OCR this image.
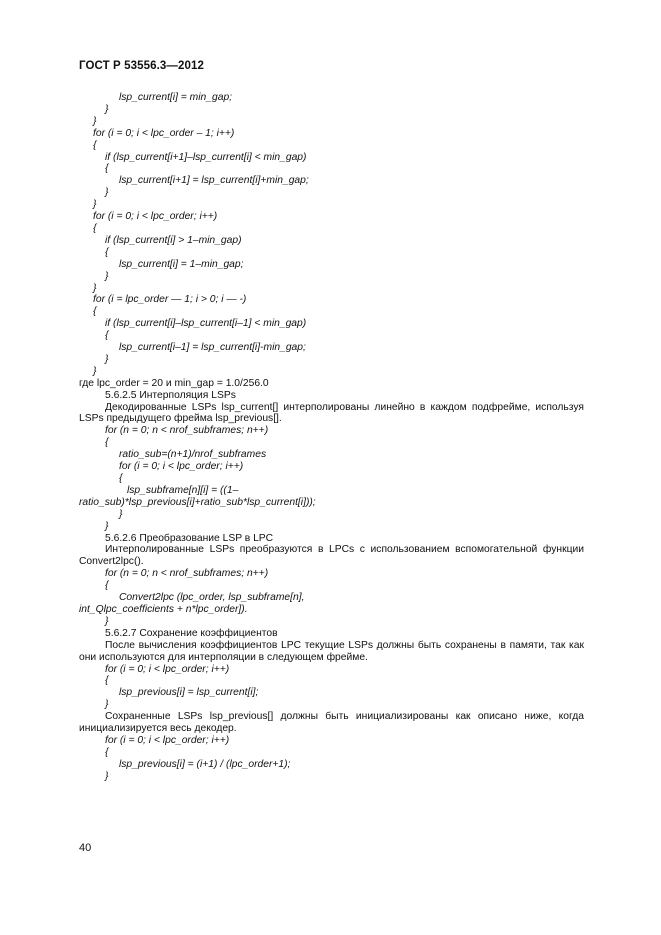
ГОСТ Р 53556.3—2012
lsp_current[i] = min_gap;
}
}
for (i = 0; i < lpc_order – 1; i++)
{
if (lsp_current[i+1]–lsp_current[i] < min_gap)
{
lsp_current[i+1] = lsp_current[i]+min_gap;
}
}
for (i = 0; i < lpc_order; i++)
{
if (lsp_current[i] > 1–min_gap)
{
lsp_current[i] = 1–min_gap;
}
}
for (i = lpc_order — 1; i > 0; i — -)
{
if (lsp_current[i]–lsp_current[i–1] < min_gap)
{
lsp_current[i–1] = lsp_current[i]-min_gap;
}
}
где lpc_order = 20 и min_gap = 1.0/256.0
5.6.2.5 Интерполяция LSPs
Декодированные LSPs lsp_current[] интерполированы линейно в каждом подфрейме, используя LSPs предыдущего фрейма lsp_previous[].
for (n = 0; n < nrof_subframes; n++)
{
ratio_sub=(n+1)/nrof_subframes
for (i = 0; i < lpc_order; i++)
{
lsp_subframe[n][i] = ((1–
ratio_sub)*lsp_previous[i]+ratio_sub*lsp_current[i]));
}
}
5.6.2.6 Преобразование LSP в LPC
Интерполированные LSPs преобразуются в LPCs с использованием вспомогательной функции Convert2lpc().
for (n = 0; n < nrof_subframes; n++)
{
Convert2lpc (lpc_order, lsp_subframe[n],
int_Qlpc_coefficients + n*lpc_order]).
}
5.6.2.7 Сохранение коэффициентов
После вычисления коэффициентов LPC текущие LSPs должны быть сохранены в памяти, так как они используются для интерполяции в следующем фрейме.
for (i = 0; i < lpc_order; i++)
{
lsp_previous[i] = lsp_current[i];
}
Сохраненные LSPs lsp_previous[] должны быть инициализированы как описано ниже, когда инициализируется весь декодер.
for (i = 0; i < lpc_order; i++)
{
lsp_previous[i] = (i+1) / (lpc_order+1);
}
40
